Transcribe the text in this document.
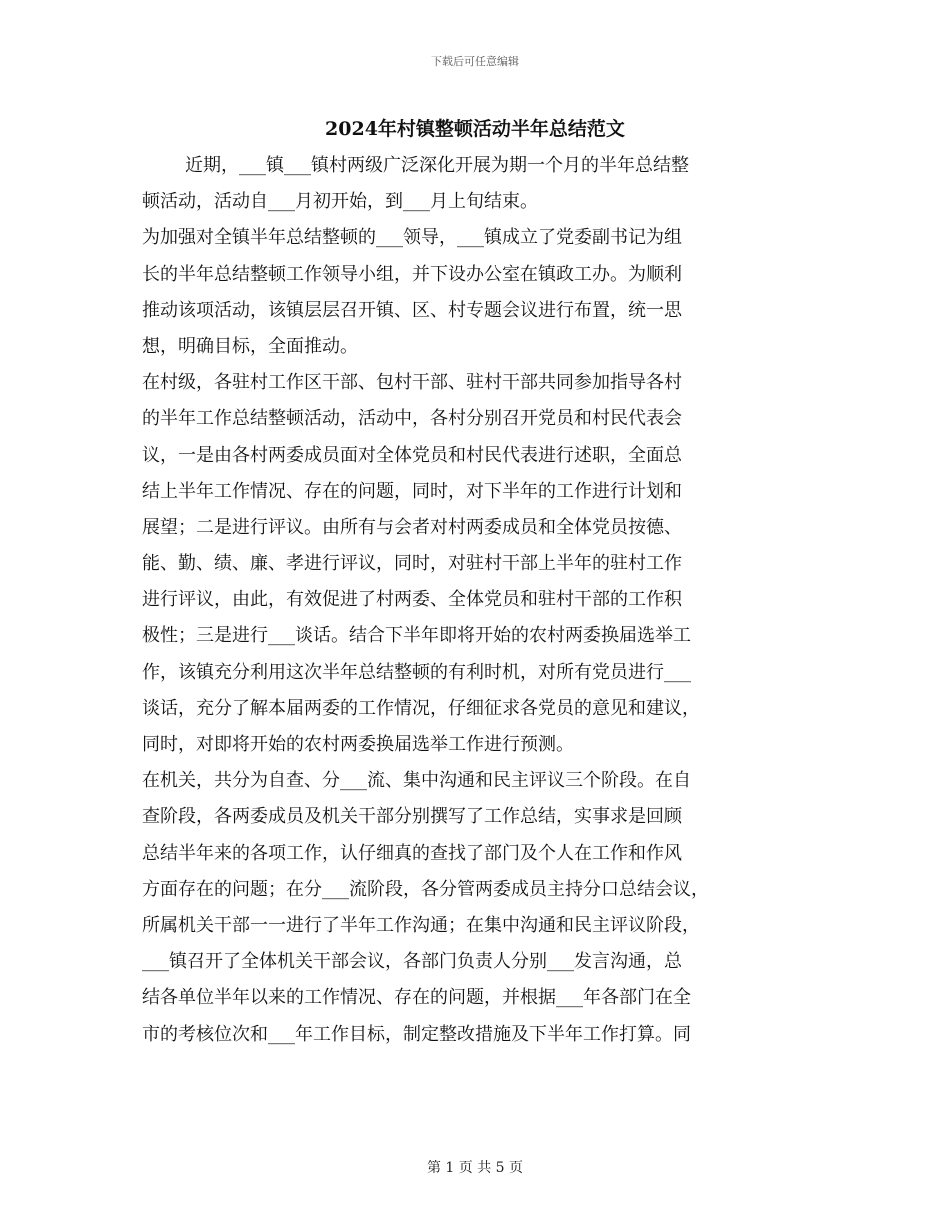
下载后可任意编辑
2024年村镇整顿活动半年总结范文
近期，___镇___镇村两级广泛深化开展为期一个月的半年总结整
顿活动，活动自___月初开始，到___月上旬结束。
为加强对全镇半年总结整顿的___领导，___镇成立了党委副书记为组
长的半年总结整顿工作领导小组，并下设办公室在镇政工办。为顺利
推动该项活动，该镇层层召开镇、区、村专题会议进行布置，统一思
想，明确目标，全面推动。
在村级，各驻村工作区干部、包村干部、驻村干部共同参加指导各村
的半年工作总结整顿活动，活动中，各村分别召开党员和村民代表会
议，一是由各村两委成员面对全体党员和村民代表进行述职，全面总
结上半年工作情况、存在的问题，同时，对下半年的工作进行计划和
展望；二是进行评议。由所有与会者对村两委成员和全体党员按德、
能、勤、绩、廉、孝进行评议，同时，对驻村干部上半年的驻村工作
进行评议，由此，有效促进了村两委、全体党员和驻村干部的工作积
极性；三是进行___谈话。结合下半年即将开始的农村两委换届选举工
作，该镇充分利用这次半年总结整顿的有利时机，对所有党员进行___
谈话，充分了解本届两委的工作情况，仔细征求各党员的意见和建议，
同时，对即将开始的农村两委换届选举工作进行预测。
在机关，共分为自查、分___流、集中沟通和民主评议三个阶段。在自
查阶段，各两委成员及机关干部分别撰写了工作总结，实事求是回顾
总结半年来的各项工作，认仔细真的查找了部门及个人在工作和作风
方面存在的问题；在分___流阶段，各分管两委成员主持分口总结会议，
所属机关干部一一进行了半年工作沟通；在集中沟通和民主评议阶段，
___镇召开了全体机关干部会议，各部门负责人分别___发言沟通，总
结各单位半年以来的工作情况、存在的问题，并根据___年各部门在全
市的考核位次和___年工作目标，制定整改措施及下半年工作打算。同
第 1 页 共 5 页
